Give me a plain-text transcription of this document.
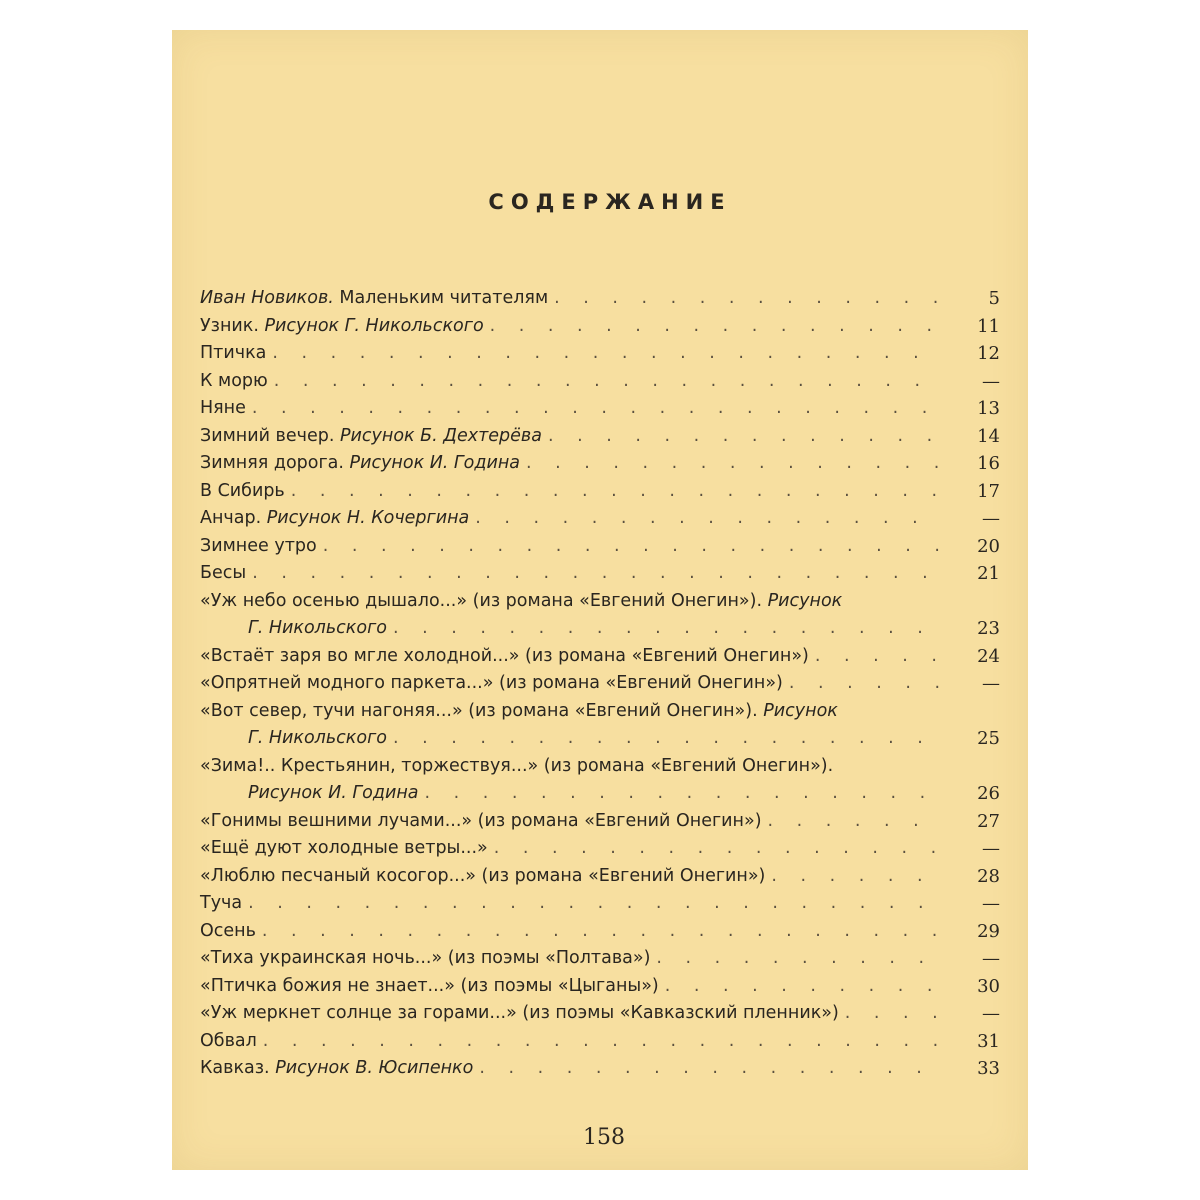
СОДЕРЖАНИЕ
Иван Новиков. Маленьким читателям . . .	5
Узник. Рисунок Г. Никольского . . .	11
Птичка . . .	12
К морю . . .	—
Няне . . .	13
Зимний вечер. Рисунок Б. Дехтерёва . . .	14
Зимняя дорога. Рисунок И. Година . . .	16
В Сибирь . . .	17
Анчар. Рисунок Н. Кочергина . . .	—
Зимнее утро . . .	20
Бесы . . .	21
«Уж небо осенью дышало...» (из романа «Евгений Онегин»). Рисунок
Г. Никольского . . .	23
«Встаёт заря во мгле холодной...» (из романа «Евгений Онегин») . . .	24
«Опрятней модного паркета...» (из романа «Евгений Онегин») . . .	—
«Вот север, тучи нагоняя...» (из романа «Евгений Онегин»). Рисунок
Г. Никольского . . .	25
«Зима!.. Крестьянин, торжествуя...» (из романа «Евгений Онегин»).
Рисунок И. Година . . .	26
«Гонимы вешними лучами...» (из романа «Евгений Онегин») . . .	27
«Ещё дуют холодные ветры...» . . .	—
«Люблю песчаный косогор...» (из романа «Евгений Онегин») . . .	28
Туча . . .	—
Осень . . .	29
«Тиха украинская ночь...» (из поэмы «Полтава») . . .	—
«Птичка божия не знает...» (из поэмы «Цыганы») . . .	30
«Уж меркнет солнце за горами...» (из поэмы «Кавказский пленник») . . .	—
Обвал . . .	31
Кавказ. Рисунок В. Юсипенко . . .	33
158
